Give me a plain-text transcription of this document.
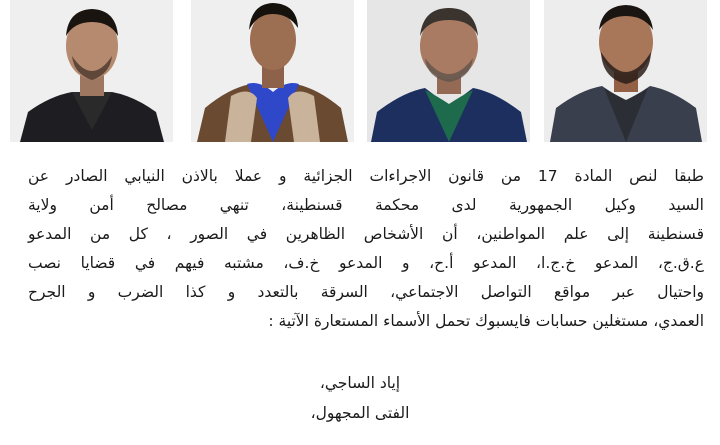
طبقا لنص المادة 17 من قانون الاجراءات الجزائية و عملا بالاذن النيابي الصادر عن
السيد وكيل الجمهورية لدى محكمة قسنطينة، تنهي مصالح أمن ولاية
قسنطينة إلى علم المواطنين، أن الأشخاص الظاهرين في الصور ، كل من المدعو
ع.ق.ج، المدعو خ.ج.ا، المدعو أ.ح، و المدعو خ.ف، مشتبه فيهم في قضايا نصب
واحتيال عبر مواقع التواصل الاجتماعي، السرقة بالتعدد و كذا الضرب و الجرح
العمدي، مستغلين حسابات فايسبوك تحمل الأسماء المستعارة الآتية :
إياد الساجي،
الفتى المجهول،
